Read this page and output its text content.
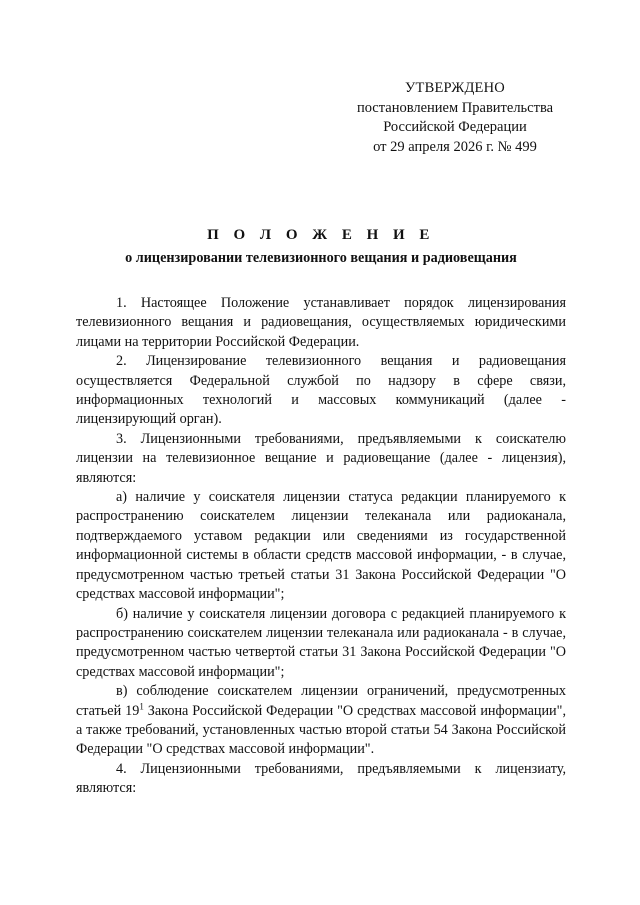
УТВЕРЖДЕНО
постановлением Правительства
Российской Федерации
от 29 апреля 2026 г. № 499
П О Л О Ж Е Н И Е
о лицензировании телевизионного вещания и радиовещания

1. Настоящее Положение устанавливает порядок лицензирования телевизионного вещания и радиовещания, осуществляемых юридическими лицами на территории Российской Федерации.

2. Лицензирование телевизионного вещания и радиовещания осуществляется Федеральной службой по надзору в сфере связи, информационных технологий и массовых коммуникаций (далее - лицензирующий орган).

3. Лицензионными требованиями, предъявляемыми к соискателю лицензии на телевизионное вещание и радиовещание (далее - лицензия), являются:

а) наличие у соискателя лицензии статуса редакции планируемого к распространению соискателем лицензии телеканала или радиоканала, подтверждаемого уставом редакции или сведениями из государственной информационной системы в области средств массовой информации, - в случае, предусмотренном частью третьей статьи 31 Закона Российской Федерации "О средствах массовой информации";

б) наличие у соискателя лицензии договора с редакцией планируемого к распространению соискателем лицензии телеканала или радиоканала - в случае, предусмотренном частью четвертой статьи 31 Закона Российской Федерации "О средствах массовой информации";

в) соблюдение соискателем лицензии ограничений, предусмотренных статьей $19^1$ Закона Российской Федерации "О средствах массовой информации", а также требований, установленных частью второй статьи 54 Закона Российской Федерации "О средствах массовой информации".

4. Лицензионными требованиями, предъявляемыми к лицензиату, являются:
